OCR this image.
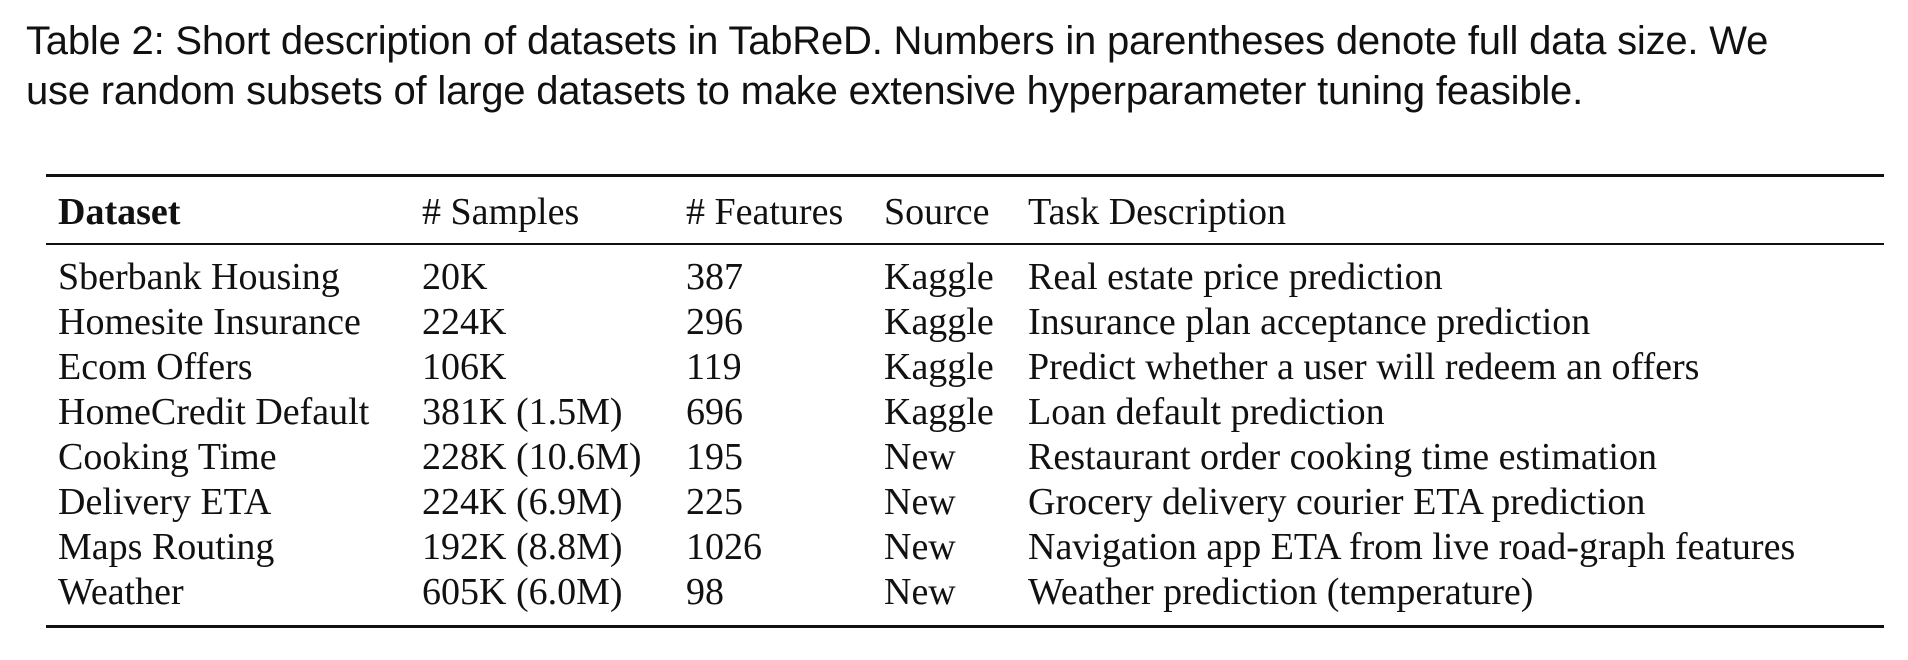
Table 2: Short description of datasets in TabReD. Numbers in parentheses denote full data size. We
use random subsets of large datasets to make extensive hyperparameter tuning feasible.
Dataset	# Samples	# Features	Source	Task Description
Sberbank Housing	20K	387	Kaggle	Real estate price prediction
Homesite Insurance	224K	296	Kaggle	Insurance plan acceptance prediction
Ecom Offers	106K	119	Kaggle	Predict whether a user will redeem an offers
HomeCredit Default	381K (1.5M)	696	Kaggle	Loan default prediction
Cooking Time	228K (10.6M)	195	New	Restaurant order cooking time estimation
Delivery ETA	224K (6.9M)	225	New	Grocery delivery courier ETA prediction
Maps Routing	192K (8.8M)	1026	New	Navigation app ETA from live road-graph features
Weather	605K (6.0M)	98	New	Weather prediction (temperature)
